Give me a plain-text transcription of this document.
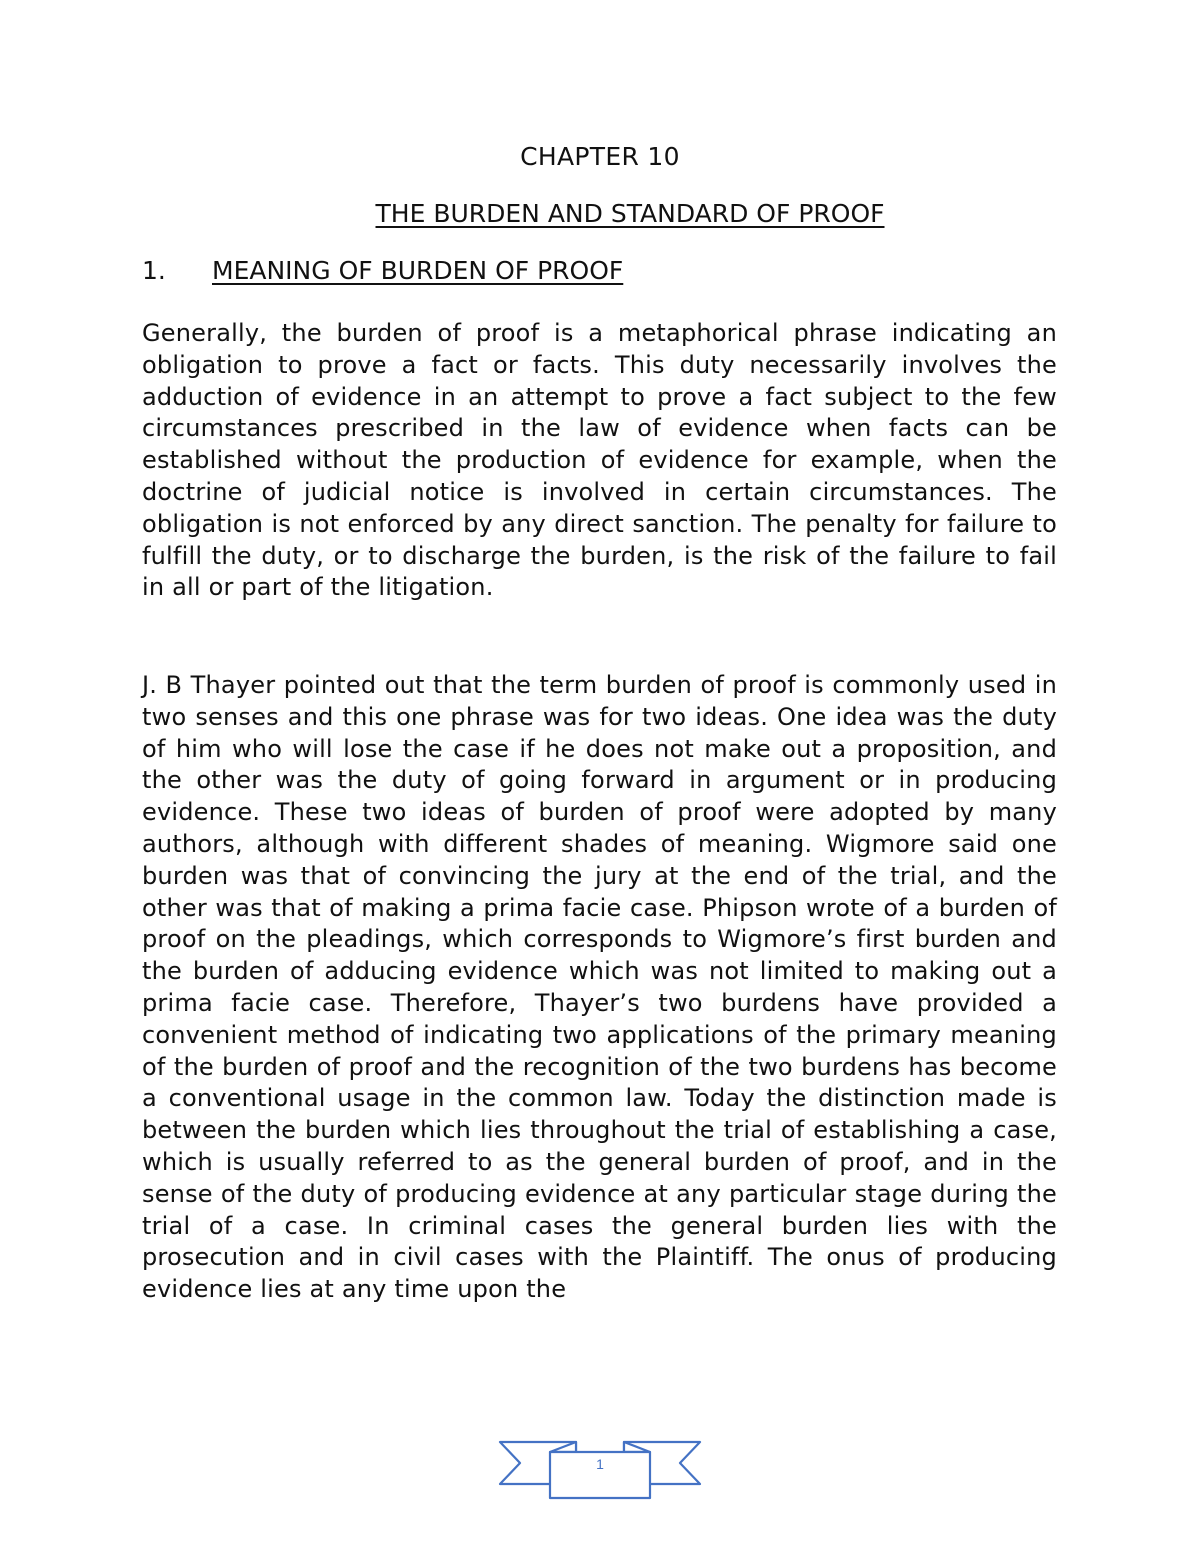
CHAPTER 10
THE BURDEN AND STANDARD OF PROOF
1. MEANING OF BURDEN OF PROOF

Generally, the burden of proof is a metaphorical phrase indicating an obligation to prove a fact or facts. This duty necessarily involves the adduction of evidence in an attempt to prove a fact subject to the few circumstances prescribed in the law of evidence when facts can be established without the production of evidence for example, when the doctrine of judicial notice is involved in certain circumstances. The obligation is not enforced by any direct sanction. The penalty for failure to fulfill the duty, or to discharge the burden, is the risk of the failure to fail in all or part of the litigation.

J. B Thayer pointed out that the term burden of proof is commonly used in two senses and this one phrase was for two ideas. One idea was the duty of him who will lose the case if he does not make out a proposition, and the other was the duty of going forward in argument or in producing evidence. These two ideas of burden of proof were adopted by many authors, although with different shades of meaning. Wigmore said one burden was that of convincing the jury at the end of the trial, and the other was that of making a prima facie case. Phipson wrote of a burden of proof on the pleadings, which corresponds to Wigmore’s first burden and the burden of adducing evidence which was not limited to making out a prima facie case. Therefore, Thayer’s two burdens have provided a convenient method of indicating two applications of the primary meaning of the burden of proof and the recognition of the two burdens has become a conventional usage in the common law. Today the distinction made is between the burden which lies throughout the trial of establishing a case, which is usually referred to as the general burden of proof, and in the sense of the duty of producing evidence at any particular stage during the trial of a case. In criminal cases the general burden lies with the prosecution and in civil cases with the Plaintiff. The onus of producing evidence lies at any time upon the

1
